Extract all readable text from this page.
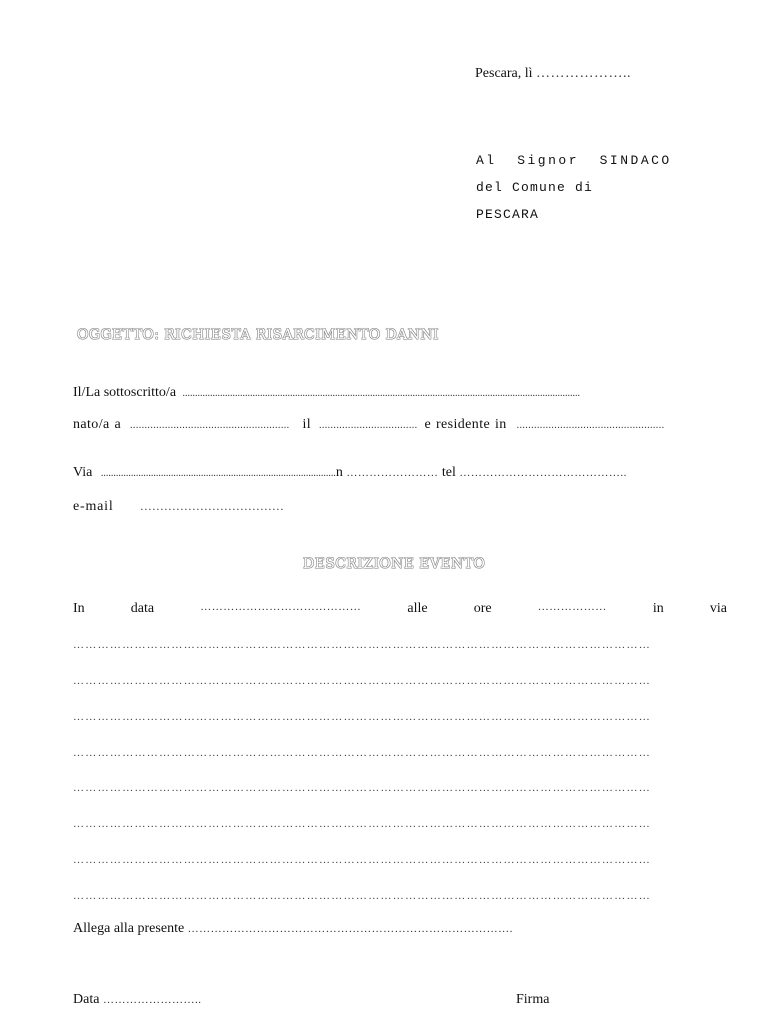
Pescara, lì ………………..
Al  Signor  SINDACO
del Comune di
PESCARA
OGGETTO: RICHIESTA RISARCIMENTO DANNI
Il/La sottoscritto/a ...............................................................................................................................................................
nato/a a ....................................................... il .................................. e residente in ...................................................
Via ..............................................................................................n …………………… tel ……………………………………..
e-mail ………………………………
DESCRIZIONE EVENTO
In	data	……………………………………	alle	ore	………………	in	via
……………………………………………………………………………………………………………………………
……………………………………………………………………………………………………………………………
……………………………………………………………………………………………………………………………
……………………………………………………………………………………………………………………………
……………………………………………………………………………………………………………………………
……………………………………………………………………………………………………………………………
……………………………………………………………………………………………………………………………
……………………………………………………………………………………………………………………………
Allega alla presente ………………………………………………………………………….
Data ……………………..	Firma
